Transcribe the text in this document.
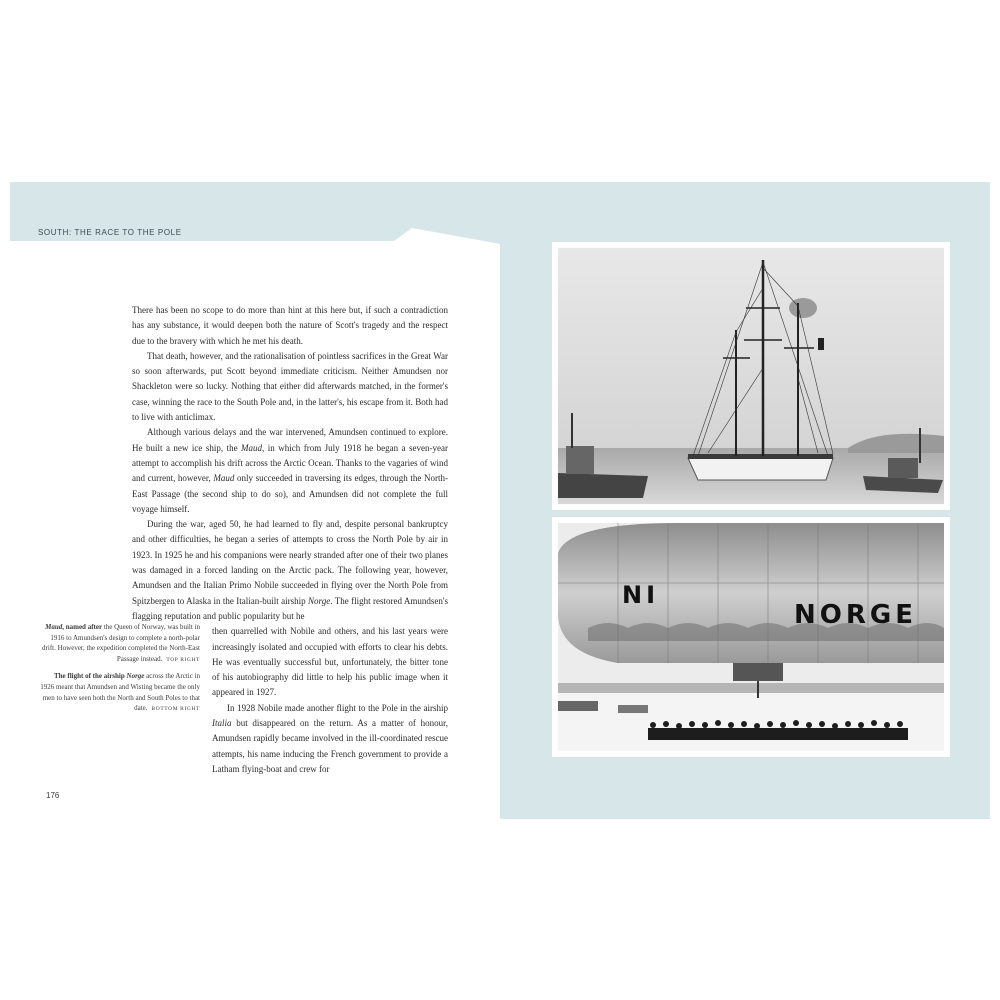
SOUTH: THE RACE TO THE POLE

There has been no scope to do more than hint at this here but, if such a contradiction has any substance, it would deepen both the nature of Scott's tragedy and the respect due to the bravery with which he met his death.

That death, however, and the rationalisation of pointless sacrifices in the Great War so soon afterwards, put Scott beyond immediate criticism. Neither Amundsen nor Shackleton were so lucky. Nothing that either did afterwards matched, in the former's case, winning the race to the South Pole and, in the latter's, his escape from it. Both had to live with anticlimax.

Although various delays and the war intervened, Amundsen continued to explore. He built a new ice ship, the Maud, in which from July 1918 he began a seven-year attempt to accomplish his drift across the Arctic Ocean. Thanks to the vagaries of wind and current, however, Maud only succeeded in traversing its edges, through the North-East Passage (the second ship to do so), and Amundsen did not complete the full voyage himself.

During the war, aged 50, he had learned to fly and, despite personal bankruptcy and other difficulties, he began a series of attempts to cross the North Pole by air in 1923. In 1925 he and his companions were nearly stranded after one of their two planes was damaged in a forced landing on the Arctic pack. The following year, however, Amundsen and the Italian Primo Nobile succeeded in flying over the North Pole from Spitzbergen to Alaska in the Italian-built airship Norge. The flight restored Amundsen's flagging reputation and public popularity but he

then quarrelled with Nobile and others, and his last years were increasingly isolated and occupied with efforts to clear his debts. He was eventually successful but, unfortunately, the bitter tone of his autobiography did little to help his public image when it appeared in 1927.

In 1928 Nobile made another flight to the Pole in the airship Italia but disappeared on the return. As a matter of honour, Amundsen rapidly became involved in the ill-coordinated rescue attempts, his name inducing the French government to provide a Latham flying-boat and crew for

Maud, named after the Queen of Norway, was built in 1916 to Amundsen's design to complete a north-polar drift. However, the expedition completed the North-East Passage instead. TOP RIGHT

The flight of the airship Norge across the Arctic in 1926 meant that Amundsen and Wisting became the only men to have seen both the North and South Poles to that date. BOTTOM RIGHT

176
NI
NORGE
